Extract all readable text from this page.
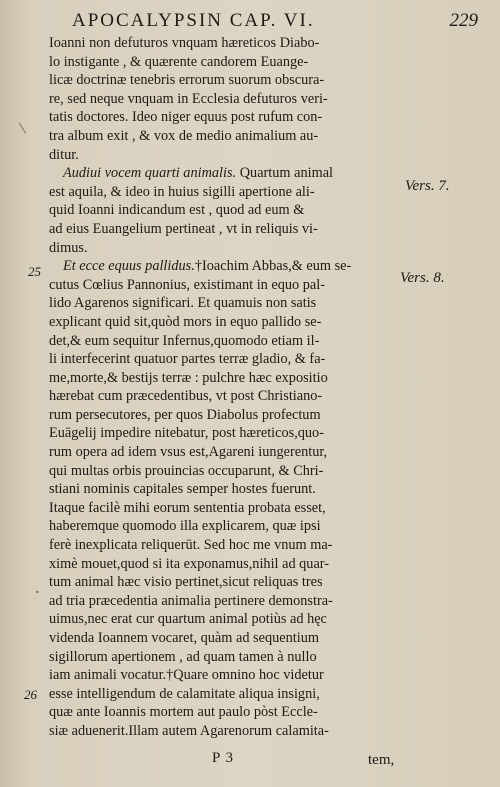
APOCALYPSIN CAP. VI.	229
Ioanni non defuturos vnquam hæreticos Diabo-
lo instigante , & quærente candorem Euange-
licæ doctrinæ tenebris errorum suorum obscura-
re, sed neque vnquam in Ecclesia defuturos veri-
tatis doctores. Ideo niger equus post rufum con-
tra album exit , & vox de medio animalium au-
ditur.
Audiui vocem quarti animalis. Quartum animal
est aquila, & ideo in huius sigilli apertione ali-
quid Ioanni indicandum est , quod ad eum &
ad eius Euangelium pertineat , vt in reliquis vi-
dimus.
Et ecce equus pallidus.†Ioachim Abbas,& eum se-
cutus Cœlius Pannonius, existimant in equo pal-
lido Agarenos significari. Et quamuis non satis
explicant quid sit,quòd mors in equo pallido se-
det,& eum sequitur Infernus,quomodo etiam il-
li interfecerint quatuor partes terræ gladio, & fa-
me,morte,& bestijs terræ : pulchre hæc expositio
hærebat cum præcedentibus, vt post Christiano-
rum persecutores, per quos Diabolus profectum
Euāgelij impedire nitebatur, post hæreticos,quo-
rum opera ad idem vsus est,Agareni iungerentur,
qui multas orbis prouincias occuparunt, & Chri-
stiani nominis capitales semper hostes fuerunt.
Itaque facilè mihi eorum sententia probata esset,
haberemque quomodo illa explicarem, quæ ipsi
ferè inexplicata reliquerūt. Sed hoc me vnum ma-
ximè mouet,quod si ita exponamus,nihil ad quar-
tum animal hæc visio pertinet,sicut reliquas tres
ad tria præcedentia animalia pertinere demonstra-
uimus,nec erat cur quartum animal potiùs ad hęc
videnda Ioannem vocaret, quàm ad sequentium
sigillorum apertionem , ad quam tamen à nullo
iam animali vocatur.†Quare omnino hoc videtur
esse intelligendum de calamitate aliqua insigni,
quæ ante Ioannis mortem aut paulo pòst Eccle-
siæ aduenerit.Illam autem Agarenorum calamita-
Vers. 7.
Vers. 8.
25
26
\
.
P 3	tem,
